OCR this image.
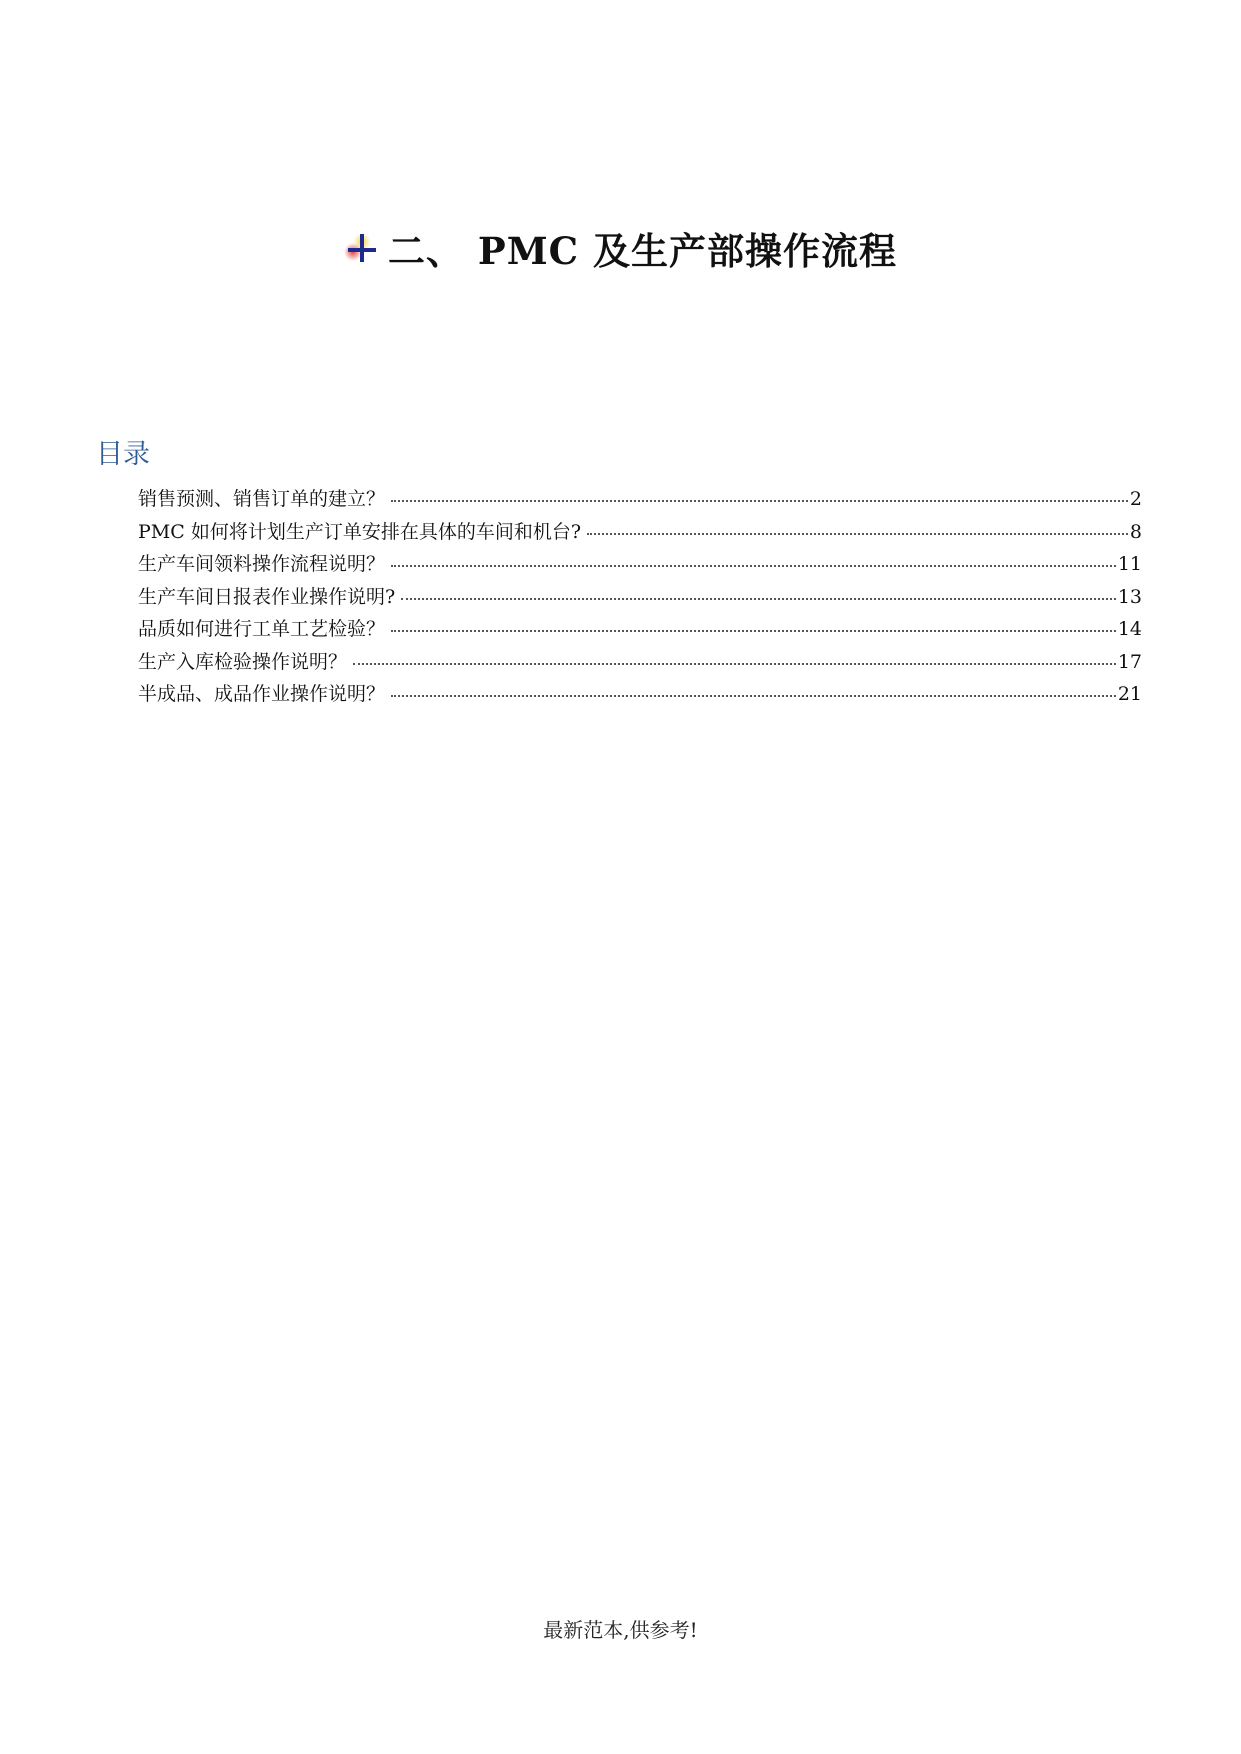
二、 PMC 及生产部操作流程
目录
销售预测、销售订单的建立？	2
PMC 如何将计划生产订单安排在具体的车间和机台?	8
生产车间领料操作流程说明？	11
生产车间日报表作业操作说明?	13
品质如何进行工单工艺检验？	14
生产入库检验操作说明？	17
半成品、成品作业操作说明？	21
最新范本,供参考!
